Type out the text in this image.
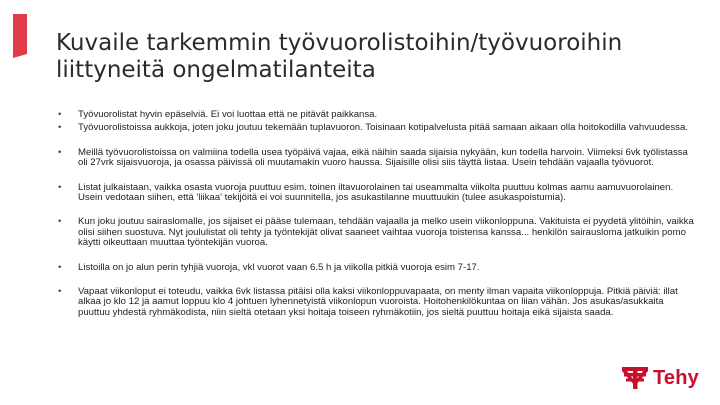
Kuvaile tarkemmin työvuorolistoihin/työvuoroihin
liittyneitä ongelmatilanteita
• Työvuorolistat hyvin epäselviä. Ei voi luottaa että ne pitävät paikkansa.
• Työvuorolistoissa aukkoja, joten joku joutuu tekemään tuplavuoron. Toisinaan kotipalvelusta pitää samaan aikaan olla hoitokodilla vahvuudessa.
• Meillä työvuorolistoissa on valmiina todella usea työpäivä vajaa, eikä näihin saada sijaisia nykyään, kun todella harvoin. Viimeksi 6vk työlistassa oli 27vrk sijaisvuoroja, ja osassa päivissä oli muutamakin vuoro haussa. Sijaisille olisi siis täyttä listaa. Usein tehdään vajaalla työvuorot.
• Listat julkaistaan, vaikka osasta vuoroja puuttuu esim. toinen iltavuorolainen tai useammalta viikolta puuttuu kolmas aamu aamuvuorolainen. Usein vedotaan siihen, että 'liikaa' tekijöitä ei voi suunnitella, jos asukastilanne muuttuukin (tulee asukaspoistumia).
• Kun joku joutuu sairaslomalle, jos sijaiset ei pääse tulemaan, tehdään vajaalla ja melko usein viikonloppuna. Vakituista ei pyydetä ylitöihin, vaikka olisi siihen suostuva. Nyt joululistat oli tehty ja työntekijät olivat saaneet vaihtaa vuoroja toistensa kanssa... henkilön sairausloma jatkuikin pomo käytti oikeuttaan muuttaa työntekijän vuoroa.
• Listoilla on jo alun perin tyhjiä vuoroja, vkl vuorot vaan 6.5 h ja viikolla pitkiä vuoroja esim 7-17.
• Vapaat viikonloput ei toteudu, vaikka 6vk listassa pitäisi olla kaksi viikonloppuvapaata, on menty ilman vapaita viikonloppuja. Pitkiä päiviä: illat alkaa jo klo 12 ja aamut loppuu klo 4 johtuen lyhennetyistä viikonlopun vuoroista. Hoitohenkilökuntaa on liian vähän. Jos asukas/asukkaita puuttuu yhdestä ryhmäkodista, niin sieltä otetaan yksi hoitaja toiseen ryhmäkotiin, jos sieltä puuttuu hoitaja eikä sijaista saada.
Tehy
